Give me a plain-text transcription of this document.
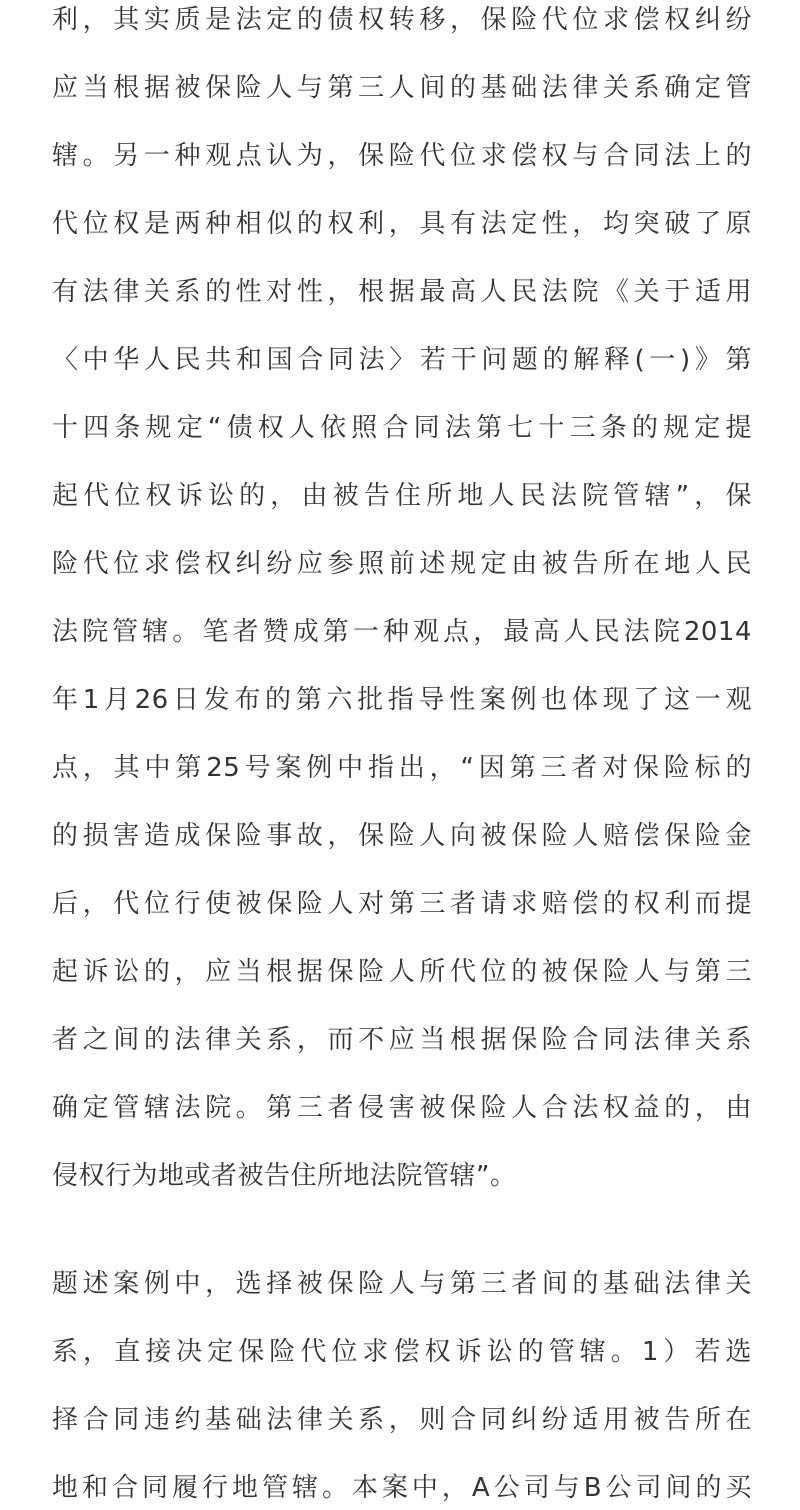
利，其实质是法定的债权转移，保险代位求偿权纠纷
应当根据被保险人与第三人间的基础法律关系确定管
辖。另一种观点认为，保险代位求偿权与合同法上的
代位权是两种相似的权利，具有法定性，均突破了原
有法律关系的性对性，根据最高人民法院《关于适用
〈中华人民共和国合同法〉若干问题的解释(一)》第
十四条规定“债权人依照合同法第七十三条的规定提
起代位权诉讼的，由被告住所地人民法院管辖”，保
险代位求偿权纠纷应参照前述规定由被告所在地人民
法院管辖。笔者赞成第一种观点，最高人民法院2014
年1月26日发布的第六批指导性案例也体现了这一观
点，其中第25号案例中指出，“因第三者对保险标的
的损害造成保险事故，保险人向被保险人赔偿保险金
后，代位行使被保险人对第三者请求赔偿的权利而提
起诉讼的，应当根据保险人所代位的被保险人与第三
者之间的法律关系，而不应当根据保险合同法律关系
确定管辖法院。第三者侵害被保险人合法权益的，由
侵权行为地或者被告住所地法院管辖”。
题述案例中，选择被保险人与第三者间的基础法律关
系，直接决定保险代位求偿权诉讼的管辖。1）若选
择合同违约基础法律关系，则合同纠纷适用被告所在
地和合同履行地管辖。本案中，A公司与B公司间的买
